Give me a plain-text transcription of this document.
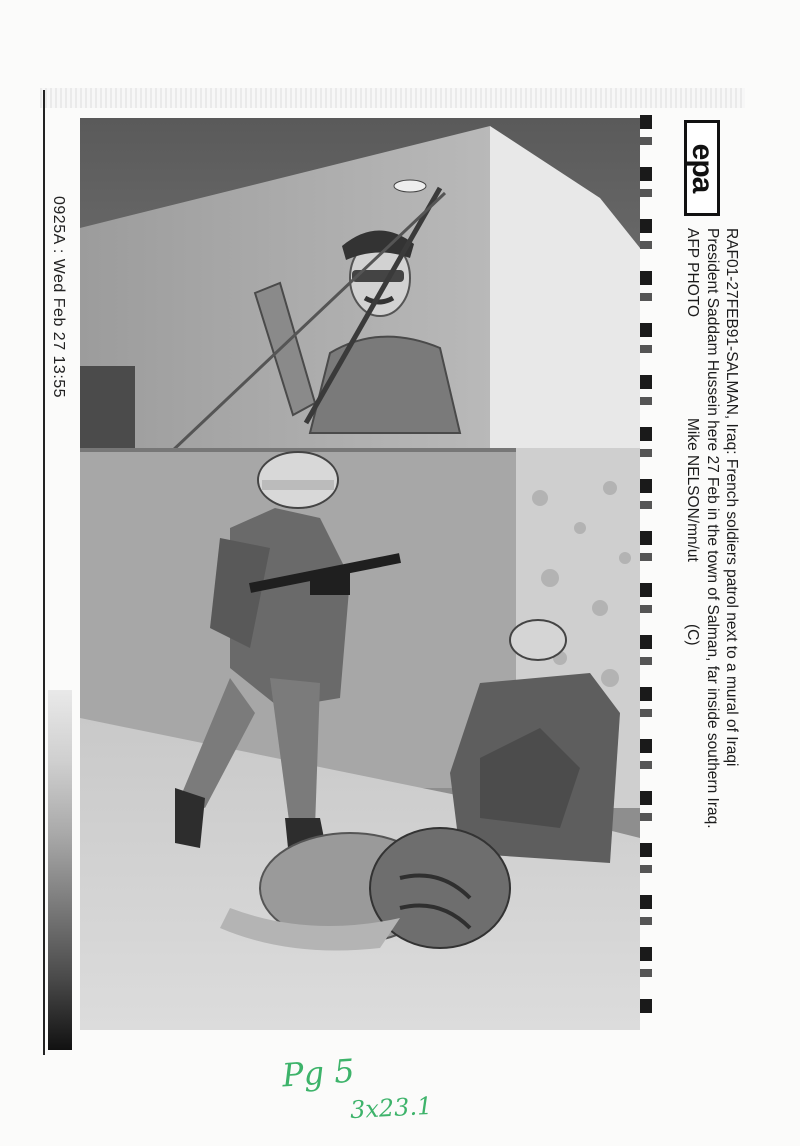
0925A : Wed Feb 27 13:55
epa
RAF01-27FEB91-SALMAN, Iraq: French soldiers patrol next to a mural of Iraqi
President Saddam Hussein here 27 Feb in the town of Salman, far inside southern Iraq.
AFP PHOTO
Mike NELSON/mn/ut
(C)
Pg 5
3x23.1
